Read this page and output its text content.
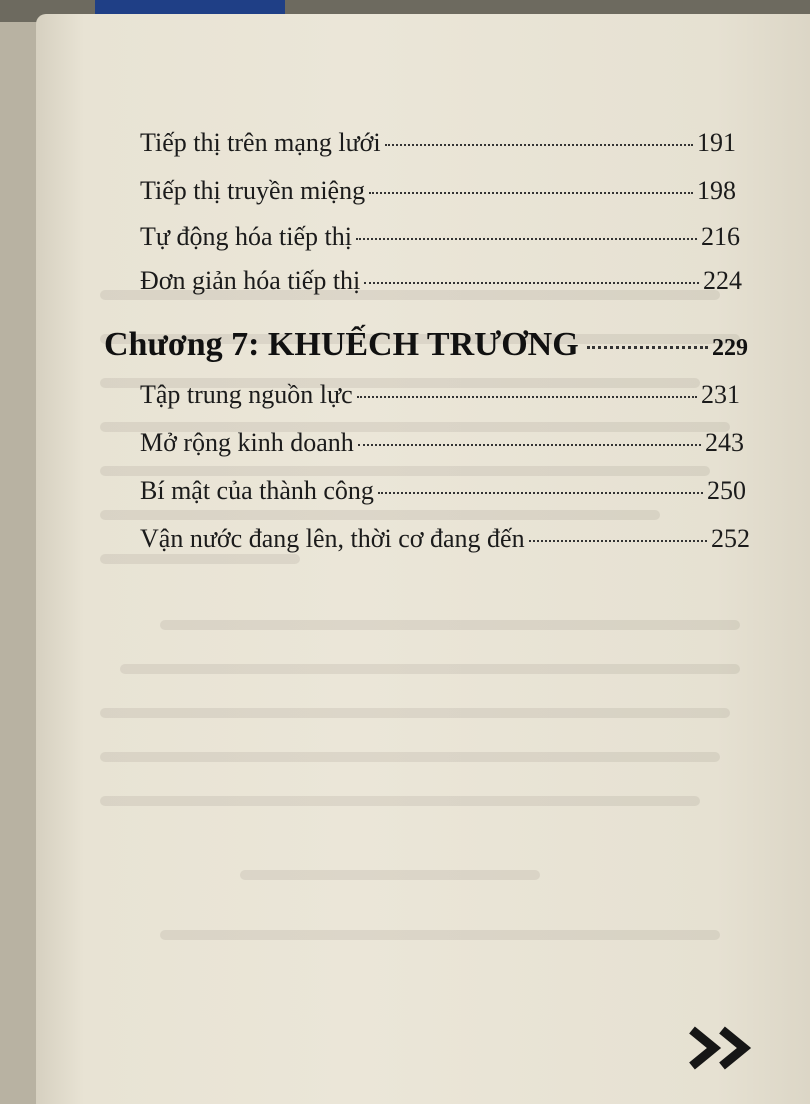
Tiếp thị trên mạng lưới	191
Tiếp thị truyền miệng	198
Tự động hóa tiếp thị	216
Đơn giản hóa tiếp thị	224
Chương 7: KHUẾCH TRƯƠNG	229
Tập trung nguồn lực	231
Mở rộng kinh doanh	243
Bí mật của thành công	250
Vận nước đang lên, thời cơ đang đến	252
